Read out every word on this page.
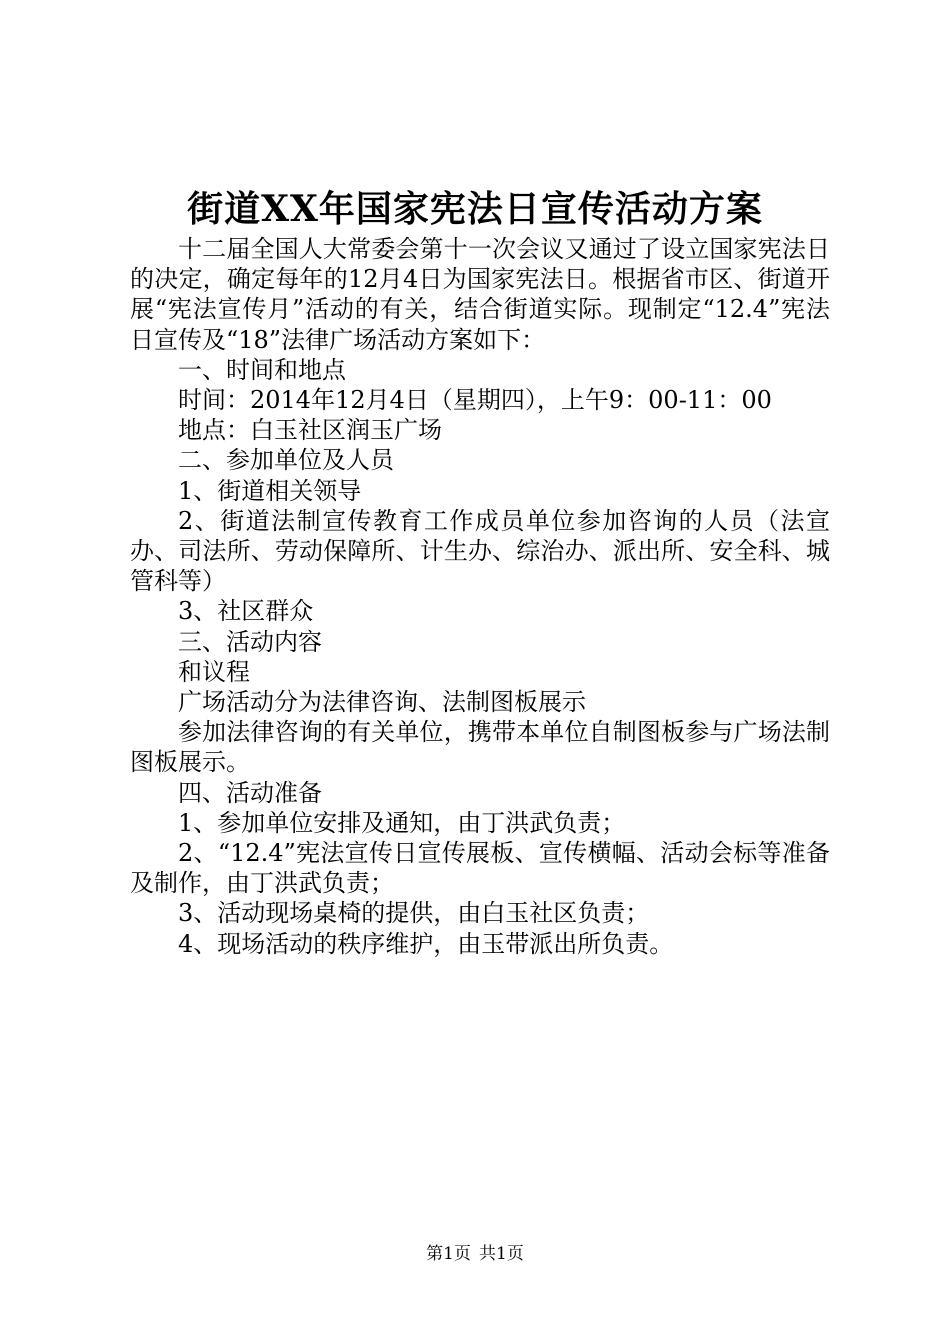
街道XX年国家宪法日宣传活动方案

十二届全国人大常委会第十一次会议又通过了设立国家宪法日的决定，确定每年的12月4日为国家宪法日。根据省市区、街道开展“宪法宣传月”活动的有关，结合街道实际。现制定“12.4”宪法日宣传及“18”法律广场活动方案如下：

一、时间和地点

时间：2014年12月4日（星期四），上午9：00-11：00

地点：白玉社区润玉广场

二、参加单位及人员

1、街道相关领导

2、街道法制宣传教育工作成员单位参加咨询的人员（法宣办、司法所、劳动保障所、计生办、综治办、派出所、安全科、城管科等）

3、社区群众

三、活动内容

和议程

广场活动分为法律咨询、法制图板展示

参加法律咨询的有关单位，携带本单位自制图板参与广场法制图板展示。

四、活动准备

1、参加单位安排及通知，由丁洪武负责；

2、“12.4”宪法宣传日宣传展板、宣传横幅、活动会标等准备及制作，由丁洪武负责；

3、活动现场桌椅的提供，由白玉社区负责；

4、现场活动的秩序维护，由玉带派出所负责。

第1页 共1页
